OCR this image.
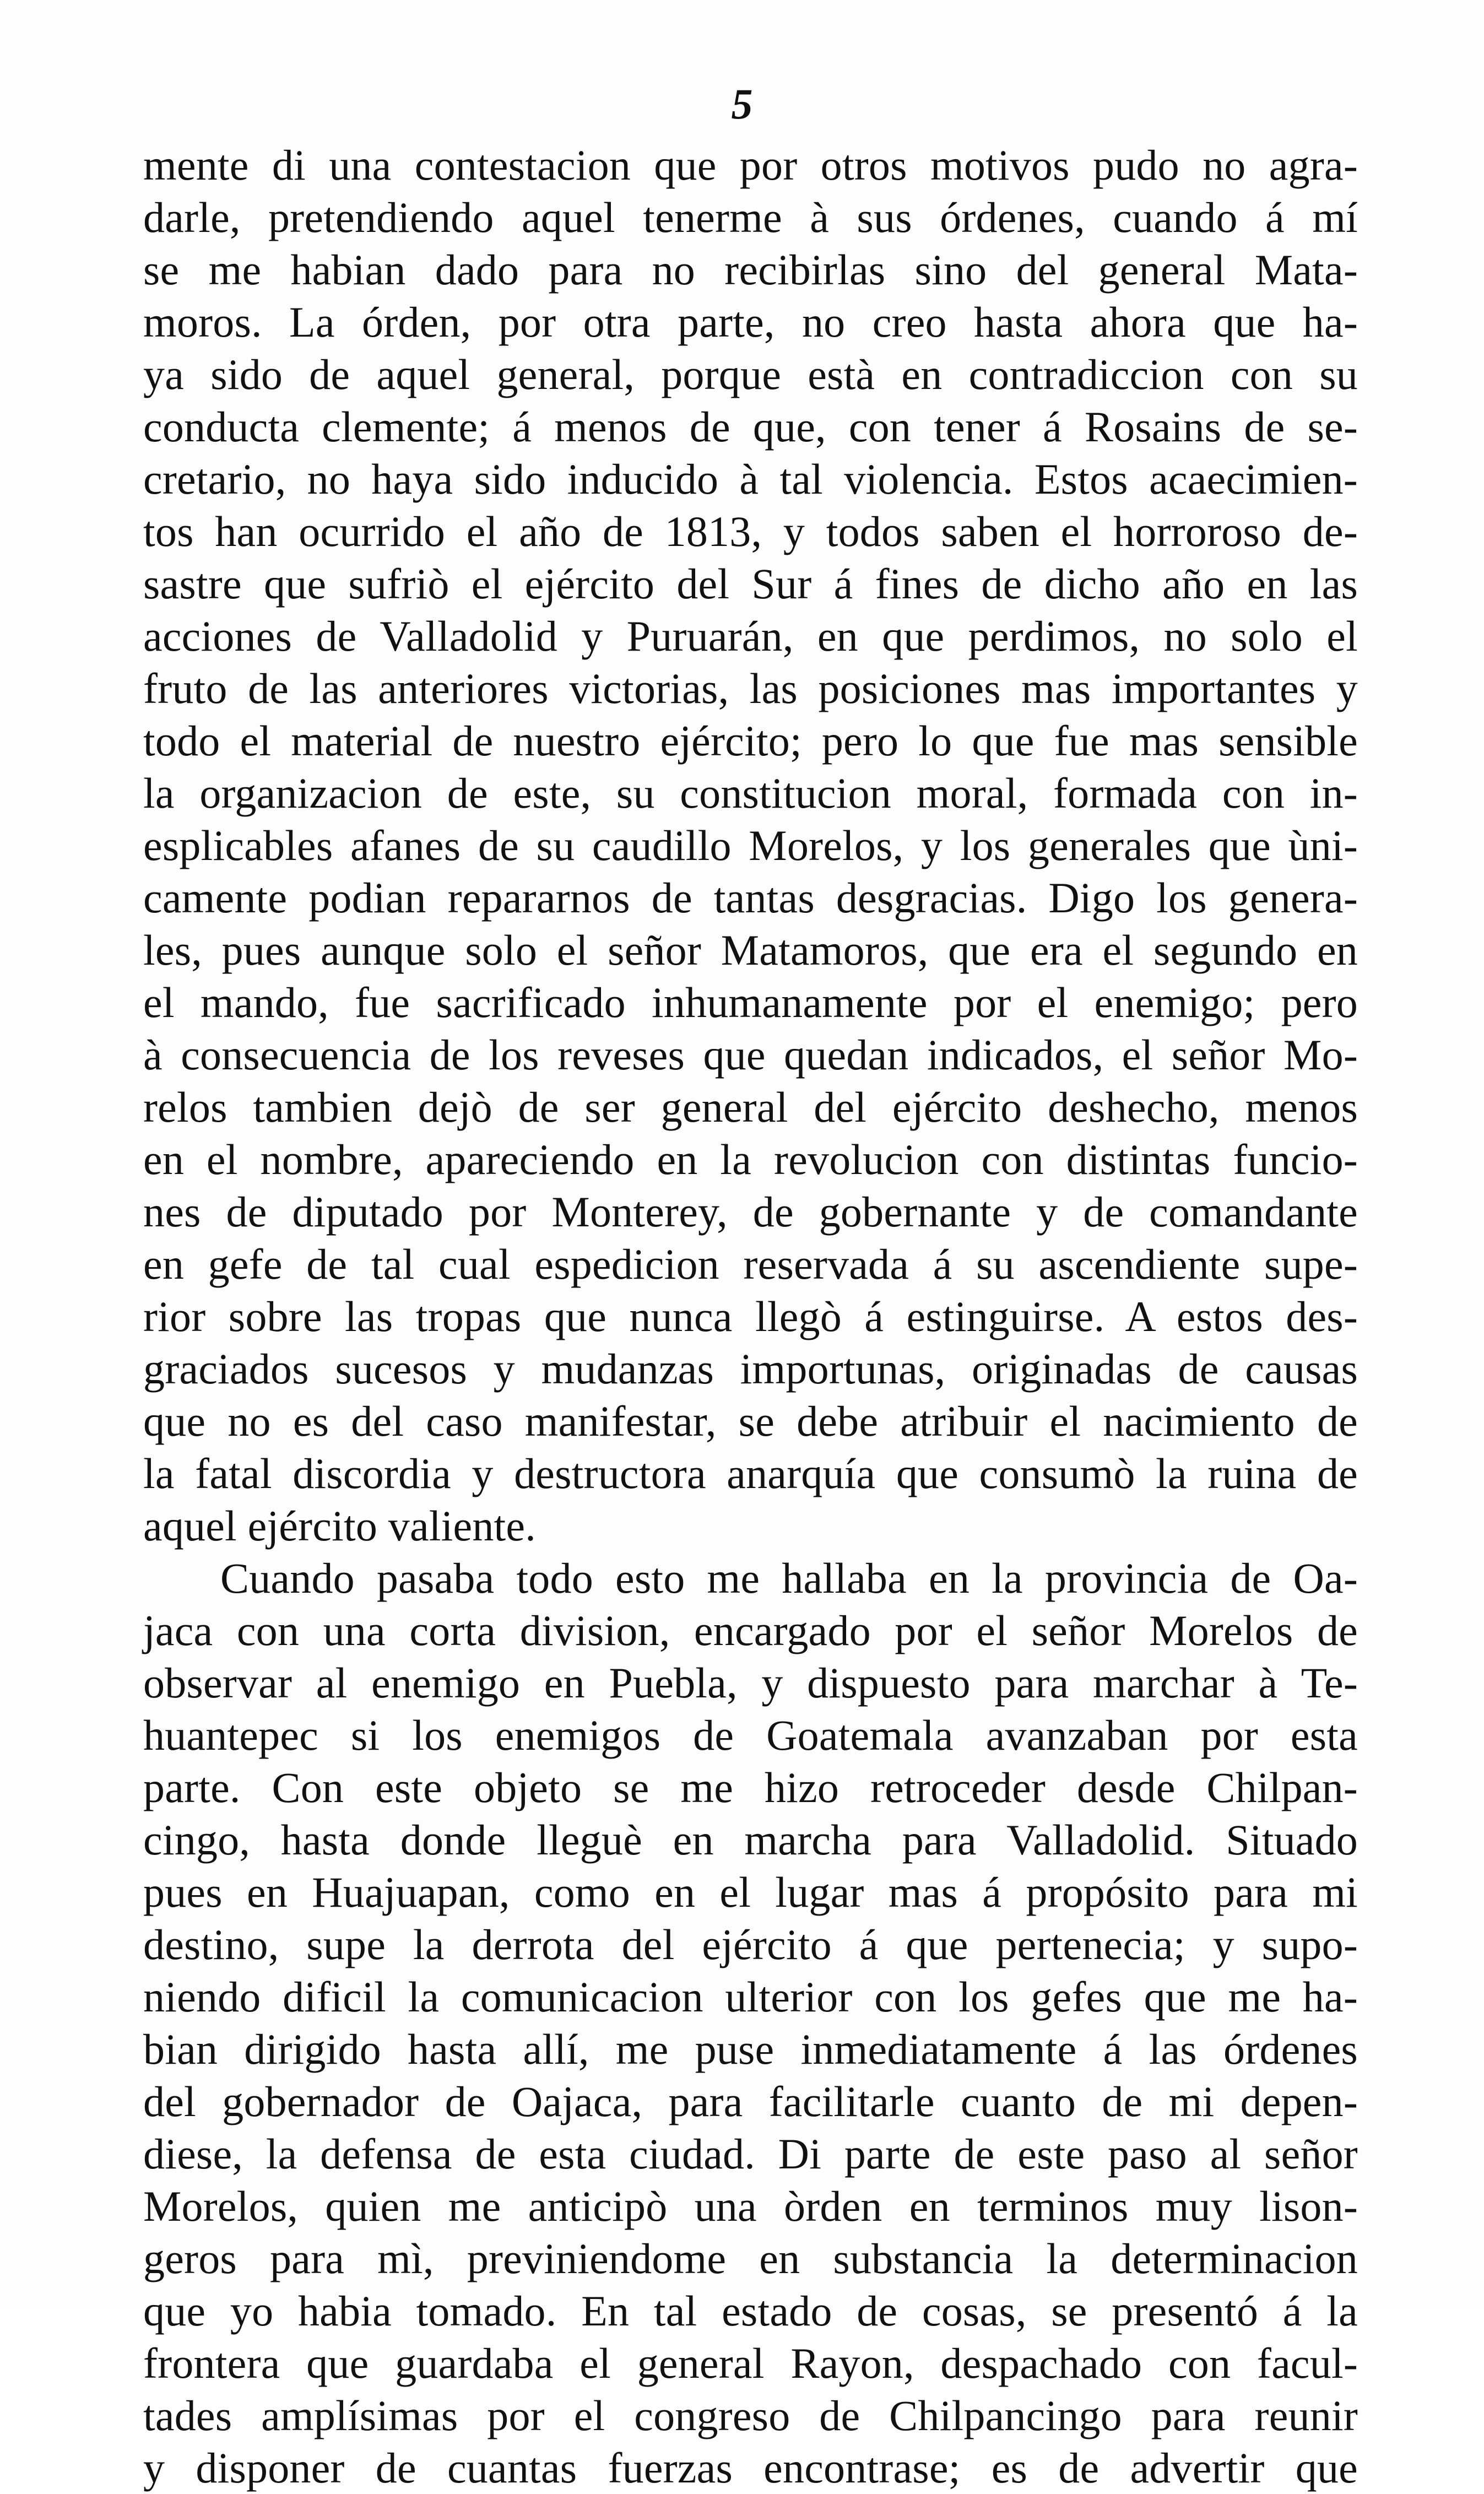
5
mente di una contestacion que por otros motivos pudo no agra-
darle, pretendiendo aquel tenerme à sus órdenes, cuando á mí
se me habian dado para no recibirlas sino del general Mata-
moros. La órden, por otra parte, no creo hasta ahora que ha-
ya sido de aquel general, porque està en contradiccion con su
conducta clemente; á menos de que, con tener á Rosains de se-
cretario, no haya sido inducido à tal violencia. Estos acaecimien-
tos han ocurrido el año de 1813, y todos saben el horroroso de-
sastre que sufriò el ejército del Sur á fines de dicho año en las
acciones de Valladolid y Puruarán, en que perdimos, no solo el
fruto de las anteriores victorias, las posiciones mas importantes y
todo el material de nuestro ejército; pero lo que fue mas sensible
la organizacion de este, su constitucion moral, formada con in-
esplicables afanes de su caudillo Morelos, y los generales que ùni-
camente podian repararnos de tantas desgracias. Digo los genera-
les, pues aunque solo el señor Matamoros, que era el segundo en
el mando, fue sacrificado inhumanamente por el enemigo; pero
à consecuencia de los reveses que quedan indicados, el señor Mo-
relos tambien dejò de ser general del ejército deshecho, menos
en el nombre, apareciendo en la revolucion con distintas funcio-
nes de diputado por Monterey, de gobernante y de comandante
en gefe de tal cual espedicion reservada á su ascendiente supe-
rior sobre las tropas que nunca llegò á estinguirse. A estos des-
graciados sucesos y mudanzas importunas, originadas de causas
que no es del caso manifestar, se debe atribuir el nacimiento de
la fatal discordia y destructora anarquía que consumò la ruina de
aquel ejército valiente.
Cuando pasaba todo esto me hallaba en la provincia de Oa-
jaca con una corta division, encargado por el señor Morelos de
observar al enemigo en Puebla, y dispuesto para marchar à Te-
huantepec si los enemigos de Goatemala avanzaban por esta
parte. Con este objeto se me hizo retroceder desde Chilpan-
cingo, hasta donde lleguè en marcha para Valladolid. Situado
pues en Huajuapan, como en el lugar mas á propósito para mi
destino, supe la derrota del ejército á que pertenecia; y supo-
niendo dificil la comunicacion ulterior con los gefes que me ha-
bian dirigido hasta allí, me puse inmediatamente á las órdenes
del gobernador de Oajaca, para facilitarle cuanto de mi depen-
diese, la defensa de esta ciudad. Di parte de este paso al señor
Morelos, quien me anticipò una òrden en terminos muy lison-
geros para mì, previniendome en substancia la determinacion
que yo habia tomado. En tal estado de cosas, se presentó á la
frontera que guardaba el general Rayon, despachado con facul-
tades amplísimas por el congreso de Chilpancingo para reunir
y disponer de cuantas fuerzas encontrase; es de advertir que
